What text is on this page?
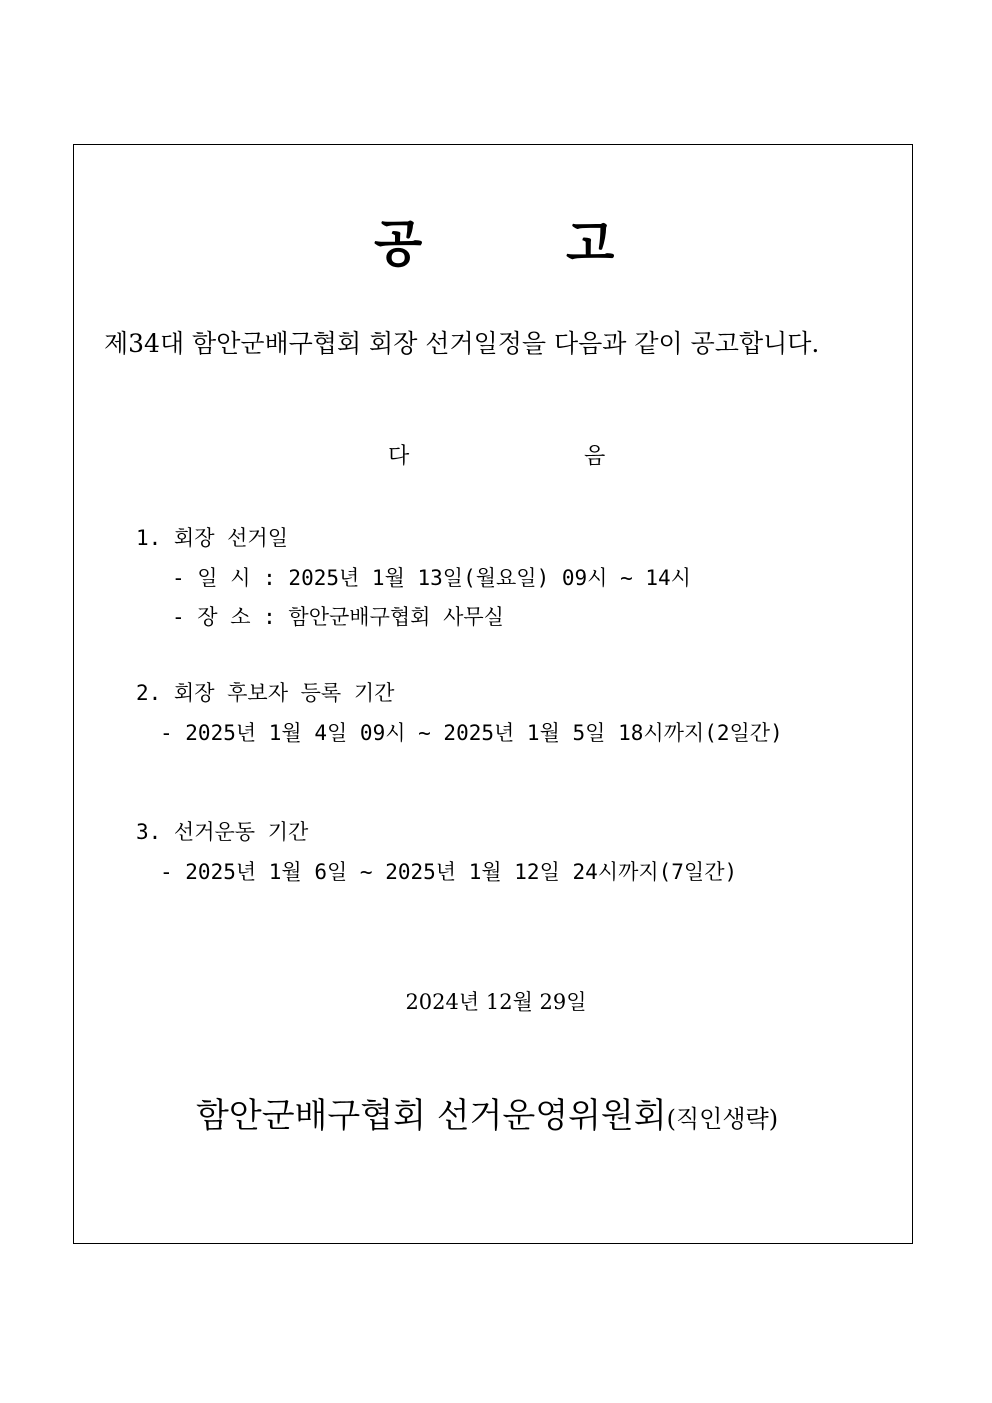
공	고

제34대 함안군배구협회 회장 선거일정을 다음과 같이 공고합니다.

다	음

1. 회장 선거일

- 일 시 : 2025년 1월 13일(월요일) 09시 ~ 14시

- 장 소 : 함안군배구협회 사무실

2. 회장 후보자 등록 기간

- 2025년 1월 4일 09시 ~ 2025년 1월 5일 18시까지(2일간)

3. 선거운동 기간

- 2025년 1월 6일 ~ 2025년 1월 12일 24시까지(7일간)

2024년 12월 29일

함안군배구협회 선거운영위원회(직인생략)
